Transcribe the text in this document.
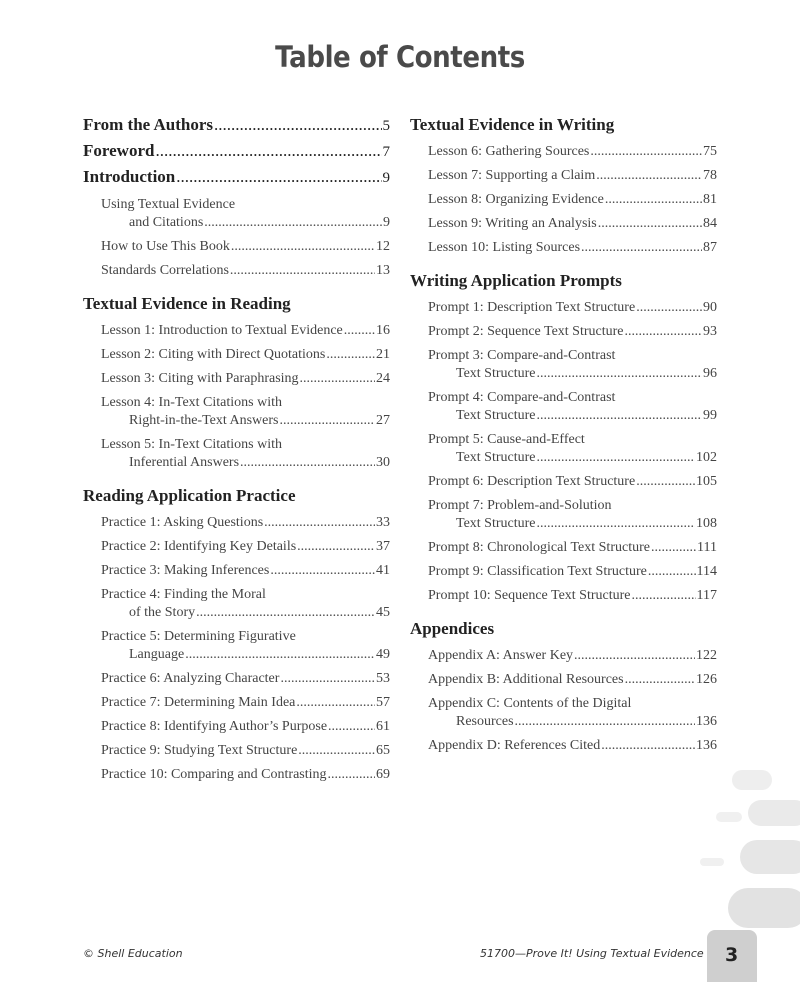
Table of Contents
From the Authors .....	5
Foreword .....	7
Introduction .....	9
Using Textual Evidence
and Citations .....	9
How to Use This Book .....	12
Standards Correlations .....	13
Textual Evidence in Reading
Lesson 1: Introduction to Textual Evidence ..... 16
Lesson 2: Citing with Direct Quotations .....	21
Lesson 3: Citing with Paraphrasing .....	24
Lesson 4: In-Text Citations with
Right-in-the-Text Answers .....	27
Lesson 5: In-Text Citations with
Inferential Answers .....	30
Reading Application Practice
Practice 1: Asking Questions .....	33
Practice 2: Identifying Key Details .....	37
Practice 3: Making Inferences .....	41
Practice 4: Finding the Moral
of the Story .....	45
Practice 5: Determining Figurative
Language .....	49
Practice 6: Analyzing Character .....	53
Practice 7: Determining Main Idea .....	57
Practice 8: Identifying Author’s Purpose .....	61
Practice 9: Studying Text Structure .....	65
Practice 10: Comparing and Contrasting .....	69
Textual Evidence in Writing
Lesson 6: Gathering Sources .....	75
Lesson 7: Supporting a Claim .....	78
Lesson 8: Organizing Evidence .....	81
Lesson 9: Writing an Analysis .....	84
Lesson 10: Listing Sources .....	87
Writing Application Prompts
Prompt 1: Description Text Structure .....	90
Prompt 2: Sequence Text Structure .....	93
Prompt 3: Compare-and-Contrast
Text Structure .....	96
Prompt 4: Compare-and-Contrast
Text Structure .....	99
Prompt 5: Cause-and-Effect
Text Structure .....	102
Prompt 6: Description Text Structure .....	105
Prompt 7: Problem-and-Solution
Text Structure .....	108
Prompt 8: Chronological Text Structure .....	111
Prompt 9: Classification Text Structure .....	114
Prompt 10: Sequence Text Structure .....	117
Appendices
Appendix A: Answer Key .....	122
Appendix B: Additional Resources .....	126
Appendix C: Contents of the Digital
Resources .....	136
Appendix D: References Cited .....	136
© Shell Education	51700—Prove It! Using Textual Evidence 3
